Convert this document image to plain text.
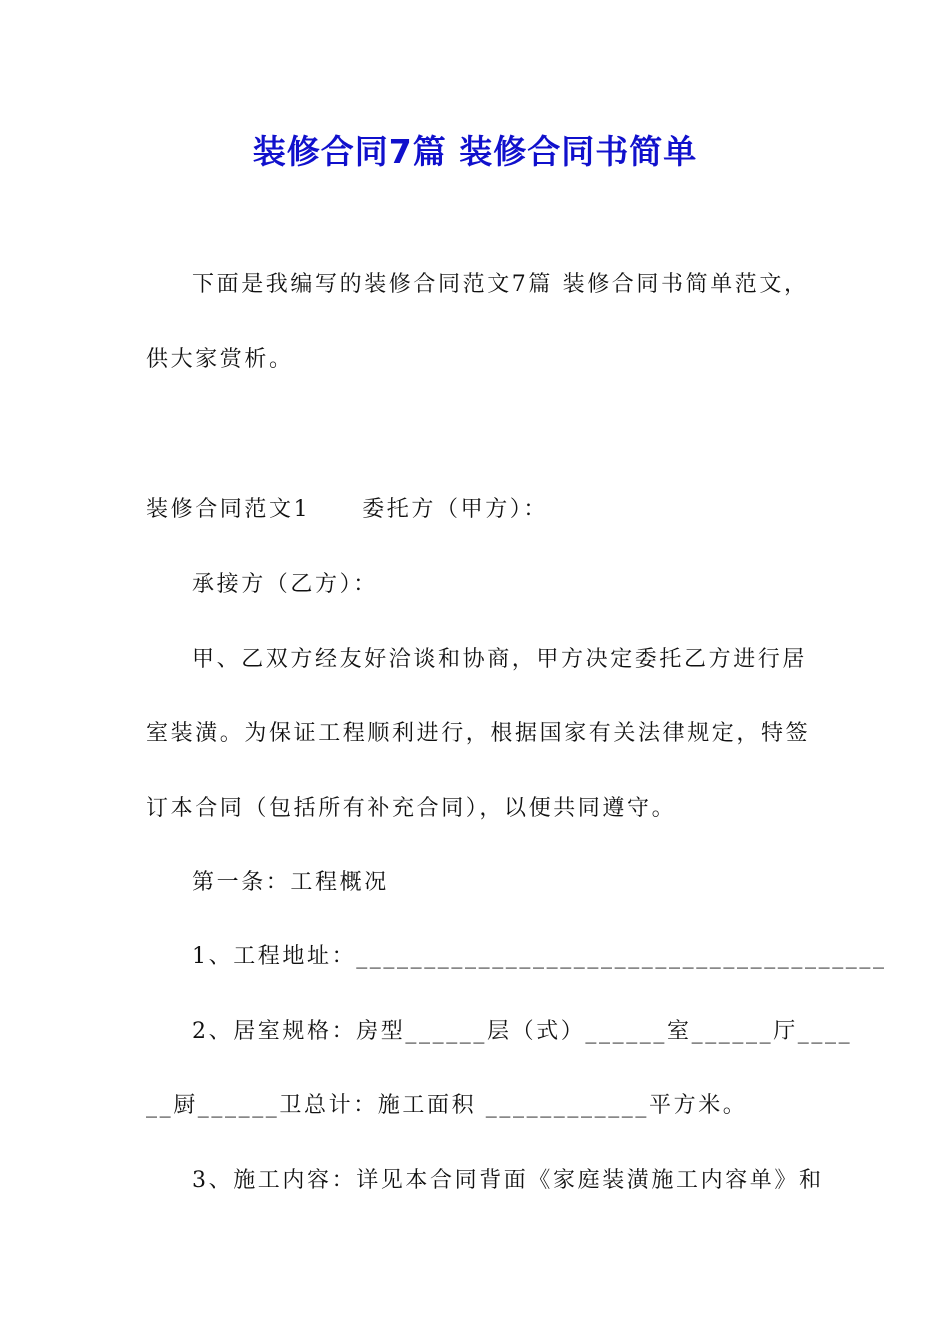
装修合同7篇 装修合同书简单

下面是我编写的装修合同范文7篇 装修合同书简单范文，

供大家赏析。

装修合同范文1 委托方（甲方）：

承接方（乙方）：

甲、乙双方经友好洽谈和协商，甲方决定委托乙方进行居

室装潢。为保证工程顺利进行，根据国家有关法律规定，特签

订本合同（包括所有补充合同），以便共同遵守。

第一条：工程概况

1、工程地址：_______________________________________

2、居室规格：房型______层（式）______室______厅____

__厨______卫总计：施工面积 ____________平方米。

3、施工内容：详见本合同背面《家庭装潢施工内容单》和
